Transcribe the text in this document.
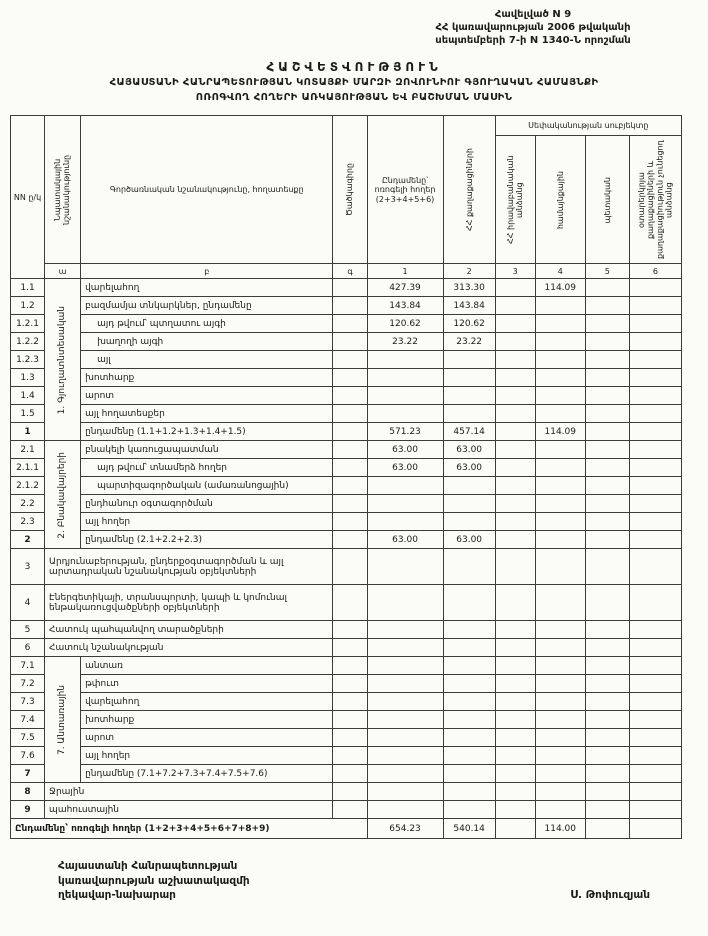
Հավելված N 9
ՀՀ կառավարության 2006 թվականի
սեպտեմբերի 7-ի N 1340-Ն որոշման
ՀԱՇՎԵՏՎՈՒԹՅՈՒՆ
ՀԱՅԱՍՏԱՆԻ ՀԱՆՐԱՊԵՏՈՒԹՅԱՆ ԿՈՏԱՅՔԻ ՄԱՐԶԻ ԶՈՎՈՒՆԻՈՒ ԳՅՈՒՂԱԿԱՆ ՀԱՄԱՅՆՔԻ
ՈՌՈԳՎՈՂ ՀՈՂԵՐԻ ԱՌԿԱՅՈՒԹՅԱՆ ԵՎ ԲԱՇԽՄԱՆ ՄԱՍԻՆ
NN ը/կ	Նպատակային նշանակությունը	Գործառնական նշանակությունը, հողատեսքը	Ծածկագիրը	Ընդամենը՝ ոռոգելի հողեր (2+3+4+5+6)	ՀՀ քաղաքացիների	Սեփականության սուբյեկտը			

						ՀՀ իրավաբանական անձանց	համայնքային	պետական	օտարերկրյա քաղաքացիների և քաղաքացիություն չունեցող անձանց

	ա	բ	գ	1	2	3	4	5	6
1.1	1. Գյուղատնտեսական	վարելահող		427.39	313.30		114.09		
1.2		բազմամյա տնկարկներ, ընդամենը		143.84	143.84				
1.2.1		այդ թվում՝ պտղատու այգի		120.62	120.62				
1.2.2		խաղողի այգի		23.22	23.22				
1.2.3		այլ							
1.3		խոտհարք							
1.4		արոտ							
1.5		այլ հողատեսքեր							
1		ընդամենը (1.1+1.2+1.3+1.4+1.5)		571.23	457.14		114.09		
2.1	2. Բնակավայրերի	բնակելի կառուցապատման		63.00	63.00				
2.1.1		այդ թվում՝ տնամերձ հողեր		63.00	63.00				
2.1.2		պարտիզագործական (ամառանոցային)							
2.2		ընդհանուր օգտագործման							
2.3		այլ հողեր							
2		ընդամենը (2.1+2.2+2.3)		63.00	63.00				
3	Արդյունաբերության, ընդերքօգտագործման և այլ արտադրական նշանակության օբյեկտների								
4	Էներգետիկայի, տրանսպորտի, կապի և կոմունալ ենթակառուցվածքների օբյեկտների								
5	Հատուկ պահպանվող տարածքների								
6	Հատուկ նշանակության								
7.1	7. Անտառային	անտառ							
7.2		թփուտ							
7.3		վարելահող							
7.4		խոտհարք							
7.5		արոտ							
7.6		այլ հողեր							
7		ընդամենը (7.1+7.2+7.3+7.4+7.5+7.6)							
8	Ջրային								
9	պահուստային								
Ընդամենը՝ ոռոգելի հողեր (1+2+3+4+5+6+7+8+9)				654.23	540.14		114.00		
Հայաստանի Հանրապետության
կառավարության աշխատակազմի
ղեկավար-նախարար	Ս. Թոփուզյան
